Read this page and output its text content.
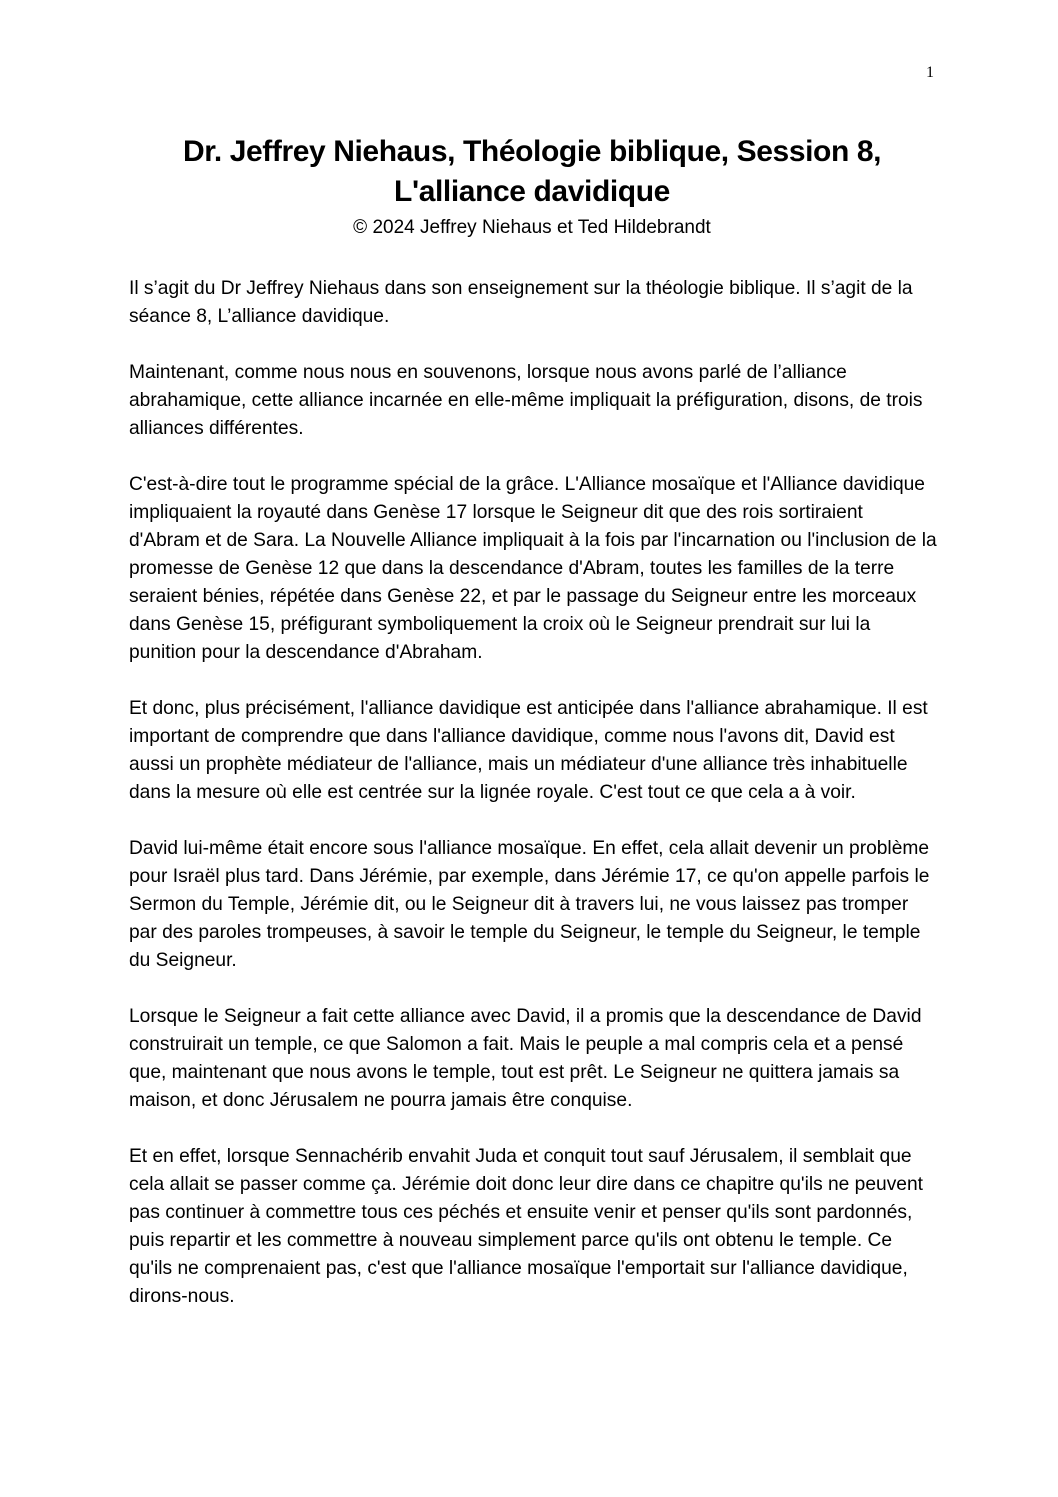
1
Dr. Jeffrey Niehaus, Théologie biblique, Session 8,
L'alliance davidique
© 2024 Jeffrey Niehaus et Ted Hildebrandt

Il s’agit du Dr Jeffrey Niehaus dans son enseignement sur la théologie biblique. Il s’agit de la séance 8, L’alliance davidique.

Maintenant, comme nous nous en souvenons, lorsque nous avons parlé de l’alliance abrahamique, cette alliance incarnée en elle-même impliquait la préfiguration, disons, de trois alliances différentes.

C'est-à-dire tout le programme spécial de la grâce. L'Alliance mosaïque et l'Alliance davidique impliquaient la royauté dans Genèse 17 lorsque le Seigneur dit que des rois sortiraient d'Abram et de Sara. La Nouvelle Alliance impliquait à la fois par l'incarnation ou l'inclusion de la promesse de Genèse 12 que dans la descendance d'Abram, toutes les familles de la terre seraient bénies, répétée dans Genèse 22, et par le passage du Seigneur entre les morceaux dans Genèse 15, préfigurant symboliquement la croix où le Seigneur prendrait sur lui la punition pour la descendance d'Abraham.

Et donc, plus précisément, l'alliance davidique est anticipée dans l'alliance abrahamique. Il est important de comprendre que dans l'alliance davidique, comme nous l'avons dit, David est aussi un prophète médiateur de l'alliance, mais un médiateur d'une alliance très inhabituelle dans la mesure où elle est centrée sur la lignée royale. C'est tout ce que cela a à voir.

David lui-même était encore sous l'alliance mosaïque. En effet, cela allait devenir un problème pour Israël plus tard. Dans Jérémie, par exemple, dans Jérémie 17, ce qu'on appelle parfois le Sermon du Temple, Jérémie dit, ou le Seigneur dit à travers lui, ne vous laissez pas tromper par des paroles trompeuses, à savoir le temple du Seigneur, le temple du Seigneur, le temple du Seigneur.

Lorsque le Seigneur a fait cette alliance avec David, il a promis que la descendance de David construirait un temple, ce que Salomon a fait. Mais le peuple a mal compris cela et a pensé que, maintenant que nous avons le temple, tout est prêt. Le Seigneur ne quittera jamais sa maison, et donc Jérusalem ne pourra jamais être conquise.

Et en effet, lorsque Sennachérib envahit Juda et conquit tout sauf Jérusalem, il semblait que cela allait se passer comme ça. Jérémie doit donc leur dire dans ce chapitre qu'ils ne peuvent pas continuer à commettre tous ces péchés et ensuite venir et penser qu'ils sont pardonnés, puis repartir et les commettre à nouveau simplement parce qu'ils ont obtenu le temple. Ce qu'ils ne comprenaient pas, c'est que l'alliance mosaïque l'emportait sur l'alliance davidique, dirons-nous.
